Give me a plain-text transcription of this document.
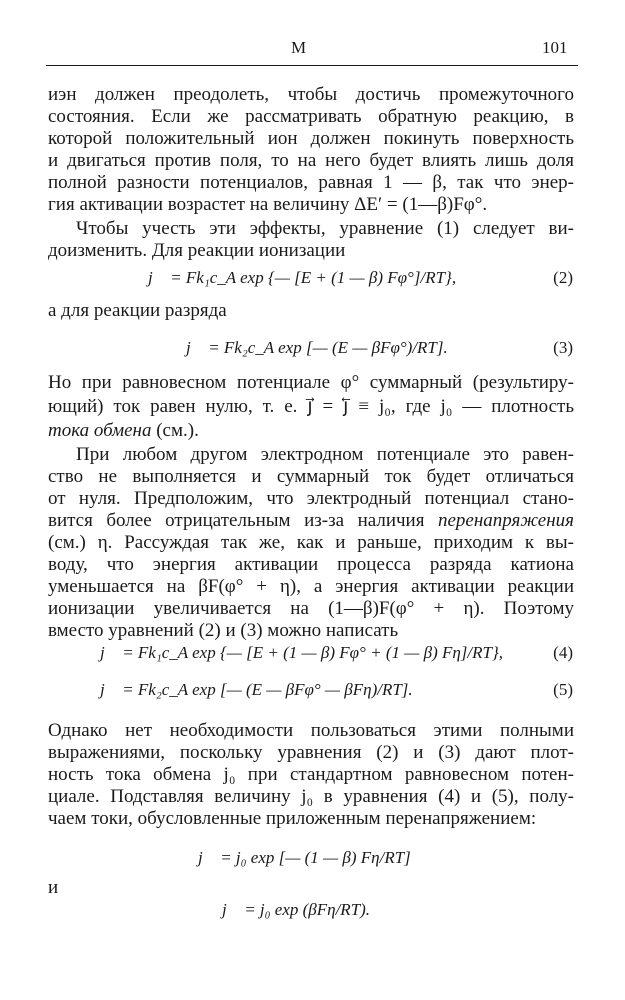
М	101
иэн должен преодолеть, чтобы достичь промежуточного
состояния. Если же рассматривать обратную реакцию, в
которой положительный ион должен покинуть поверхность
и двигаться против поля, то на него будет влиять лишь доля
полной разности потенциалов, равная 1 — β, так что энер-
гия активации возрастет на величину ΔE′ = (1—β)Fφ°.
Чтобы учесть эти эффекты, уравнение (1) следует ви-
доизменить. Для реакции ионизации
j⃗ = Fk₁c_A exp {— [E + (1 — β) Fφ°]/RT},	(2)
а для реакции разряда
j⃖ = Fk₂c_A exp [— (E — βFφ°)/RT].	(3)
Но при равновесном потенциале φ° суммарный (результиру-
ющий) ток равен нулю, т. е. j⃗ = j⃖ ≡ j₀, где j₀ — плотность
тока обмена (см.).
При любом другом электродном потенциале это равен-
ство не выполняется и суммарный ток будет отличаться
от нуля. Предположим, что электродный потенциал стано-
вится более отрицательным из-за наличия перенапряжения
(см.) η. Рассуждая так же, как и раньше, приходим к вы-
воду, что энергия активации процесса разряда катиона
уменьшается на βF(φ° + η), а энергия активации реакции
ионизации увеличивается на (1—β)F(φ° + η). Поэтому
вместо уравнений (2) и (3) можно написать
j⃗ = Fk₁c_A exp {— [E + (1 — β) Fφ° + (1 — β) Fη]/RT},	(4)
j⃖ = Fk₂c_A exp [— (E — βFφ° — βFη)/RT].	(5)
Однако нет необходимости пользоваться этими полными
выражениями, поскольку уравнения (2) и (3) дают плот-
ность тока обмена j₀ при стандартном равновесном потен-
циале. Подставляя величину j₀ в уравнения (4) и (5), полу-
чаем токи, обусловленные приложенным перенапряжением:
j⃗ = j₀ exp [— (1 — β) Fη/RT]
и
j⃖ = j₀ exp (βFη/RT).
